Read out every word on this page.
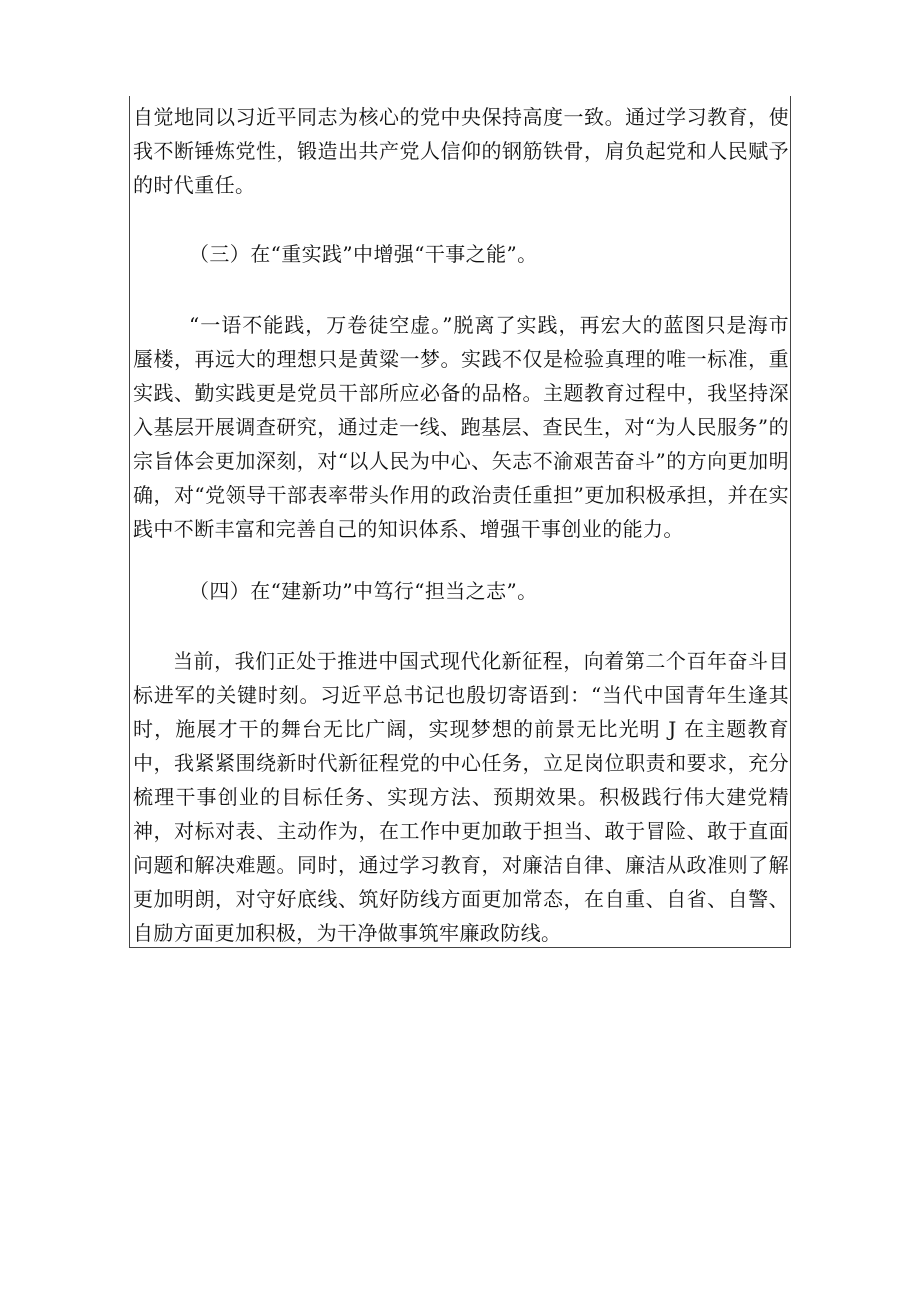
自觉地同以习近平同志为核心的党中央保持高度一致。通过学习教育，使我不断锤炼党性，锻造出共产党人信仰的钢筋铁骨，肩负起党和人民赋予的时代重任。

（三）在“重实践”中增强“干事之能”。

“一语不能践，万卷徒空虚。”脱离了实践，再宏大的蓝图只是海市蜃楼，再远大的理想只是黄粱一梦。实践不仅是检验真理的唯一标准，重实践、勤实践更是党员干部所应必备的品格。主题教育过程中，我坚持深入基层开展调查研究，通过走一线、跑基层、查民生，对“为人民服务”的宗旨体会更加深刻，对“以人民为中心、矢志不渝艰苦奋斗”的方向更加明确，对“党领导干部表率带头作用的政治责任重担”更加积极承担，并在实践中不断丰富和完善自己的知识体系、增强干事创业的能力。

（四）在“建新功”中笃行“担当之志”。

当前，我们正处于推进中国式现代化新征程，向着第二个百年奋斗目标进军的关键时刻。习近平总书记也殷切寄语到：“当代中国青年生逢其时，施展才干的舞台无比广阔，实现梦想的前景无比光明 J 在主题教育中，我紧紧围绕新时代新征程党的中心任务，立足岗位职责和要求，充分梳理干事创业的目标任务、实现方法、预期效果。积极践行伟大建党精神，对标对表、主动作为，在工作中更加敢于担当、敢于冒险、敢于直面问题和解决难题。同时，通过学习教育，对廉洁自律、廉洁从政准则了解更加明朗，对守好底线、筑好防线方面更加常态，在自重、自省、自警、自励方面更加积极，为干净做事筑牢廉政防线。
